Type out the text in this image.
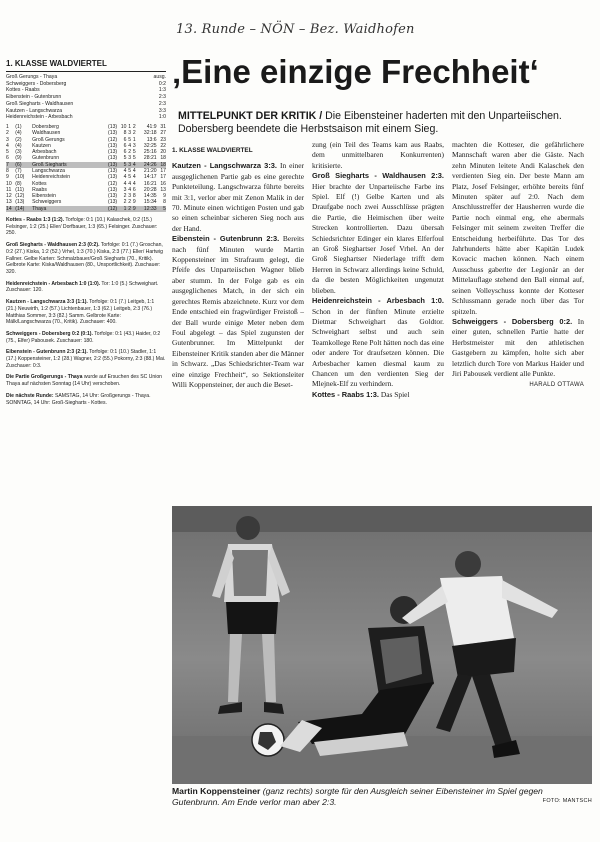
13. Runde – NÖN – Bez. Waidhofen
1. KLASSE WALDVIERTEL
Groß Gerungs - Thaya	ausg.
Schweiggers - Dobersberg	0:2
Kottes - Raabs	1:3
Eibenstein - Gutenbrunn	2:3
Groß Siegharts - Waldhausen	2:3
Kautzen - Langschwarza	3:3
Heidenreichstein - Arbesbach	1:0
1	(1)	Dobersberg	(13)	10	1	2	41:9	31
2	(4)	Waldhausen	(13)	8	3	2	32:18	27
3	(2)	Groß Gerungs	(12)	6	5	1	13:6	23
4	(4)	Kautzen	(13)	6	4	3	32:25	22
5	(3)	Arbesbach	(13)	6	2	5	25:16	20
6	(9)	Gutenbrunn	(13)	5	3	5	28:21	18
7	(6)	Groß Siegharts	(13)	5	3	4	24:26	18
8	(7)	Langschwarza	(13)	4	5	4	21:20	17
9	(10)	Heidenreichstein	(13)	4	5	4	14:17	17
10	(8)	Kottes	(12)	4	4	4	16:21	16
11	(11)	Raabs	(13)	3	4	6	20:28	13
12	(12)	Eibenstein	(13)	2	3	8	14:35	9
13	(13)	Schweiggers	(13)	2	2	9	15:34	8
14	(14)	Thaya	(12)	1	2	9	12:33	5
Kottes - Raabs 1:3 (1:2). Torfolge: 0:1 (10.) Kalaschek, 0:2 (15.) Felsinger, 1:2 (25.) Eller/ Dorfbauer, 1:3 (65.) Felsinger. Zuschauer: 250.
Groß Siegharts - Waldhausen 2:3 (0:2). Torfolge: 0:1 (7.) Groschan, 0:2 (27.) Kiska, 1:2 (52.) Vrhel, 1:3 (70.) Kiska, 2:3 (77.) Eller/ Hartwig Fallner. Gelbe Karten: Schmalzbauer/Groß Siegharts (70., Kritik). Gelbrote Karte: Kiska/Waldhausen (80., Unsportlichkeit). Zuschauer: 320.
Heidenreichstein - Arbesbach 1:0 (1:0). Tor: 1:0 (5.) Schweighart. Zuschauer: 120.
Kautzen - Langschwarza 3:3 (1:1). Torfolge: 0:1 (7.) Leitgeb, 1:1 (21.) Neuwirth, 1:2 (57.) Lichtenbauer, 1:3 (62.) Leitgeb, 2:3 (76.) Matthias Sommer, 3:3 (82.) Samm. Gelbrote Karte: Mälk/Langschwarza (70., Kritik). Zuschauer: 400.
Schweiggers - Dobersberg 0:2 (0:1). Torfolge: 0:1 (43.) Haider, 0:2 (75., Elfer) Pabousek. Zuschauer: 180.
Eibenstein - Gutenbrunn 2:3 (2:1). Torfolge: 0:1 (10.) Stadler, 1:1 (17.) Koppensteiner, 1:2 (28.) Wagner, 2:2 (55.) Pokorny, 2:3 (88.) Mai. Zuschauer: 0:3.
Die Partie Großgerungs - Thaya wurde auf Ersuchen des SC Union Thaya auf nächsten Sonntag (14 Uhr) verschoben.
Die nächste Runde: SAMSTAG, 14 Uhr: Großgerungs - Thaya. SONNTAG, 14 Uhr: Groß-Siegharts - Kottes.
‚Eine einzige Frechheit‘
MITTELPUNKT DER KRITIK / Die Eibensteiner haderten mit den Unparteiischen. Dobersberg beendete die Herbstsaison mit einem Sieg.
1. KLASSE WALDVIERTEL

Kautzen - Langschwarza 3:3. In einer ausgeglichenen Partie gab es eine gerechte Punkteteilung. Langschwarza führte bereits mit 3:1, verlor aber mit Zenon Malik in der 70. Minute einen wichtigen Posten und gab so einen scheinbar sicheren Sieg noch aus der Hand.

Eibenstein - Gutenbrunn 2:3. Bereits nach fünf Minuten wurde Martin Koppensteiner im Strafraum gelegt, die Pfeife des Unparteiischen Wagner blieb aber stumm. In der Folge gab es ein ausgeglichenes Match, in der sich ein gerechtes Remis abzeichnete. Kurz vor dem Ende entschied ein fragwürdiger Freistoß – der Ball wurde einige Meter neben dem Foul abgelegt – das Spiel zugunsten der Gutenbrunner. Im Mittelpunkt der Eibensteiner Kritik standen aber die Männer in Schwarz. „Das Schiedsrichter-Team war eine einzige Frechheit“, so Sektionsleiter Willi Koppensteiner, der auch die Beset-

zung (ein Teil des Teams kam aus Raabs, dem unmittelbaren Konkurrenten) kritisierte.

Groß Siegharts - Waldhausen 2:3. Hier brachte der Unparteiische Farbe ins Spiel. Elf (!) Gelbe Karten und als Draufgabe noch zwei Ausschlüsse prägten die Partie, die Heimischen über weite Strecken kontrollierten. Dazu übersah Schiedsrichter Edinger ein klares Elferfoul an Groß Sieghartser Josef Vrhel. An der Groß Sieghartser Niederlage trifft dem Herren in Schwarz allerdings keine Schuld, da die besten Möglichkeiten ungenutzt blieben.

Heidenreichstein - Arbesbach 1:0. Schon in der fünften Minute erzielte Dietmar Schweighart das Goldtor. Schweighart selbst und auch sein Teamkollege Rene Polt hätten noch das eine oder andere Tor draufsetzen können. Die Arbesbacher kamen diesmal kaum zu Chancen um den verdienten Sieg der Mlejnek-Elf zu verhindern.

Kottes - Raabs 1:3. Das Spiel

machten die Kotteser, die gefährlichere Mannschaft waren aber die Gäste. Nach zehn Minuten leitete Andi Kalaschek den verdienten Sieg ein. Der beste Mann am Platz, Josef Felsinger, erhöhte bereits fünf Minuten später auf 2:0. Nach dem Anschlusstreffer der Hausherren wurde die Partie noch einmal eng, ehe abermals Felsinger mit seinem zweiten Treffer die Entscheidung herbeiführte. Das Tor des Jahrhunderts hätte aber Kapitän Ludek Kovacic machen können. Nach einem Ausschuss gaberlte der Legionär an der Mittelauflage stehend den Ball einmal auf, seinen Volleyschuss konnte der Kotteser Schlussmann gerade noch über das Tor spitzeln.

Schweiggers - Dobersberg 0:2. In einer guten, schnellen Partie hatte der Herbstmeister mit den athletischen Gastgebern zu kämpfen, holte sich aber letztlich durch Tore von Markus Haider und Jiri Pabousek verdient alle Punkte.

HARALD OTTAWA
Martin Koppensteiner (ganz rechts) sorgte für den Ausgleich seiner Eibensteiner im Spiel gegen Gutenbrunn. Am Ende verlor man aber 2:3.	FOTO: MANTSCH
